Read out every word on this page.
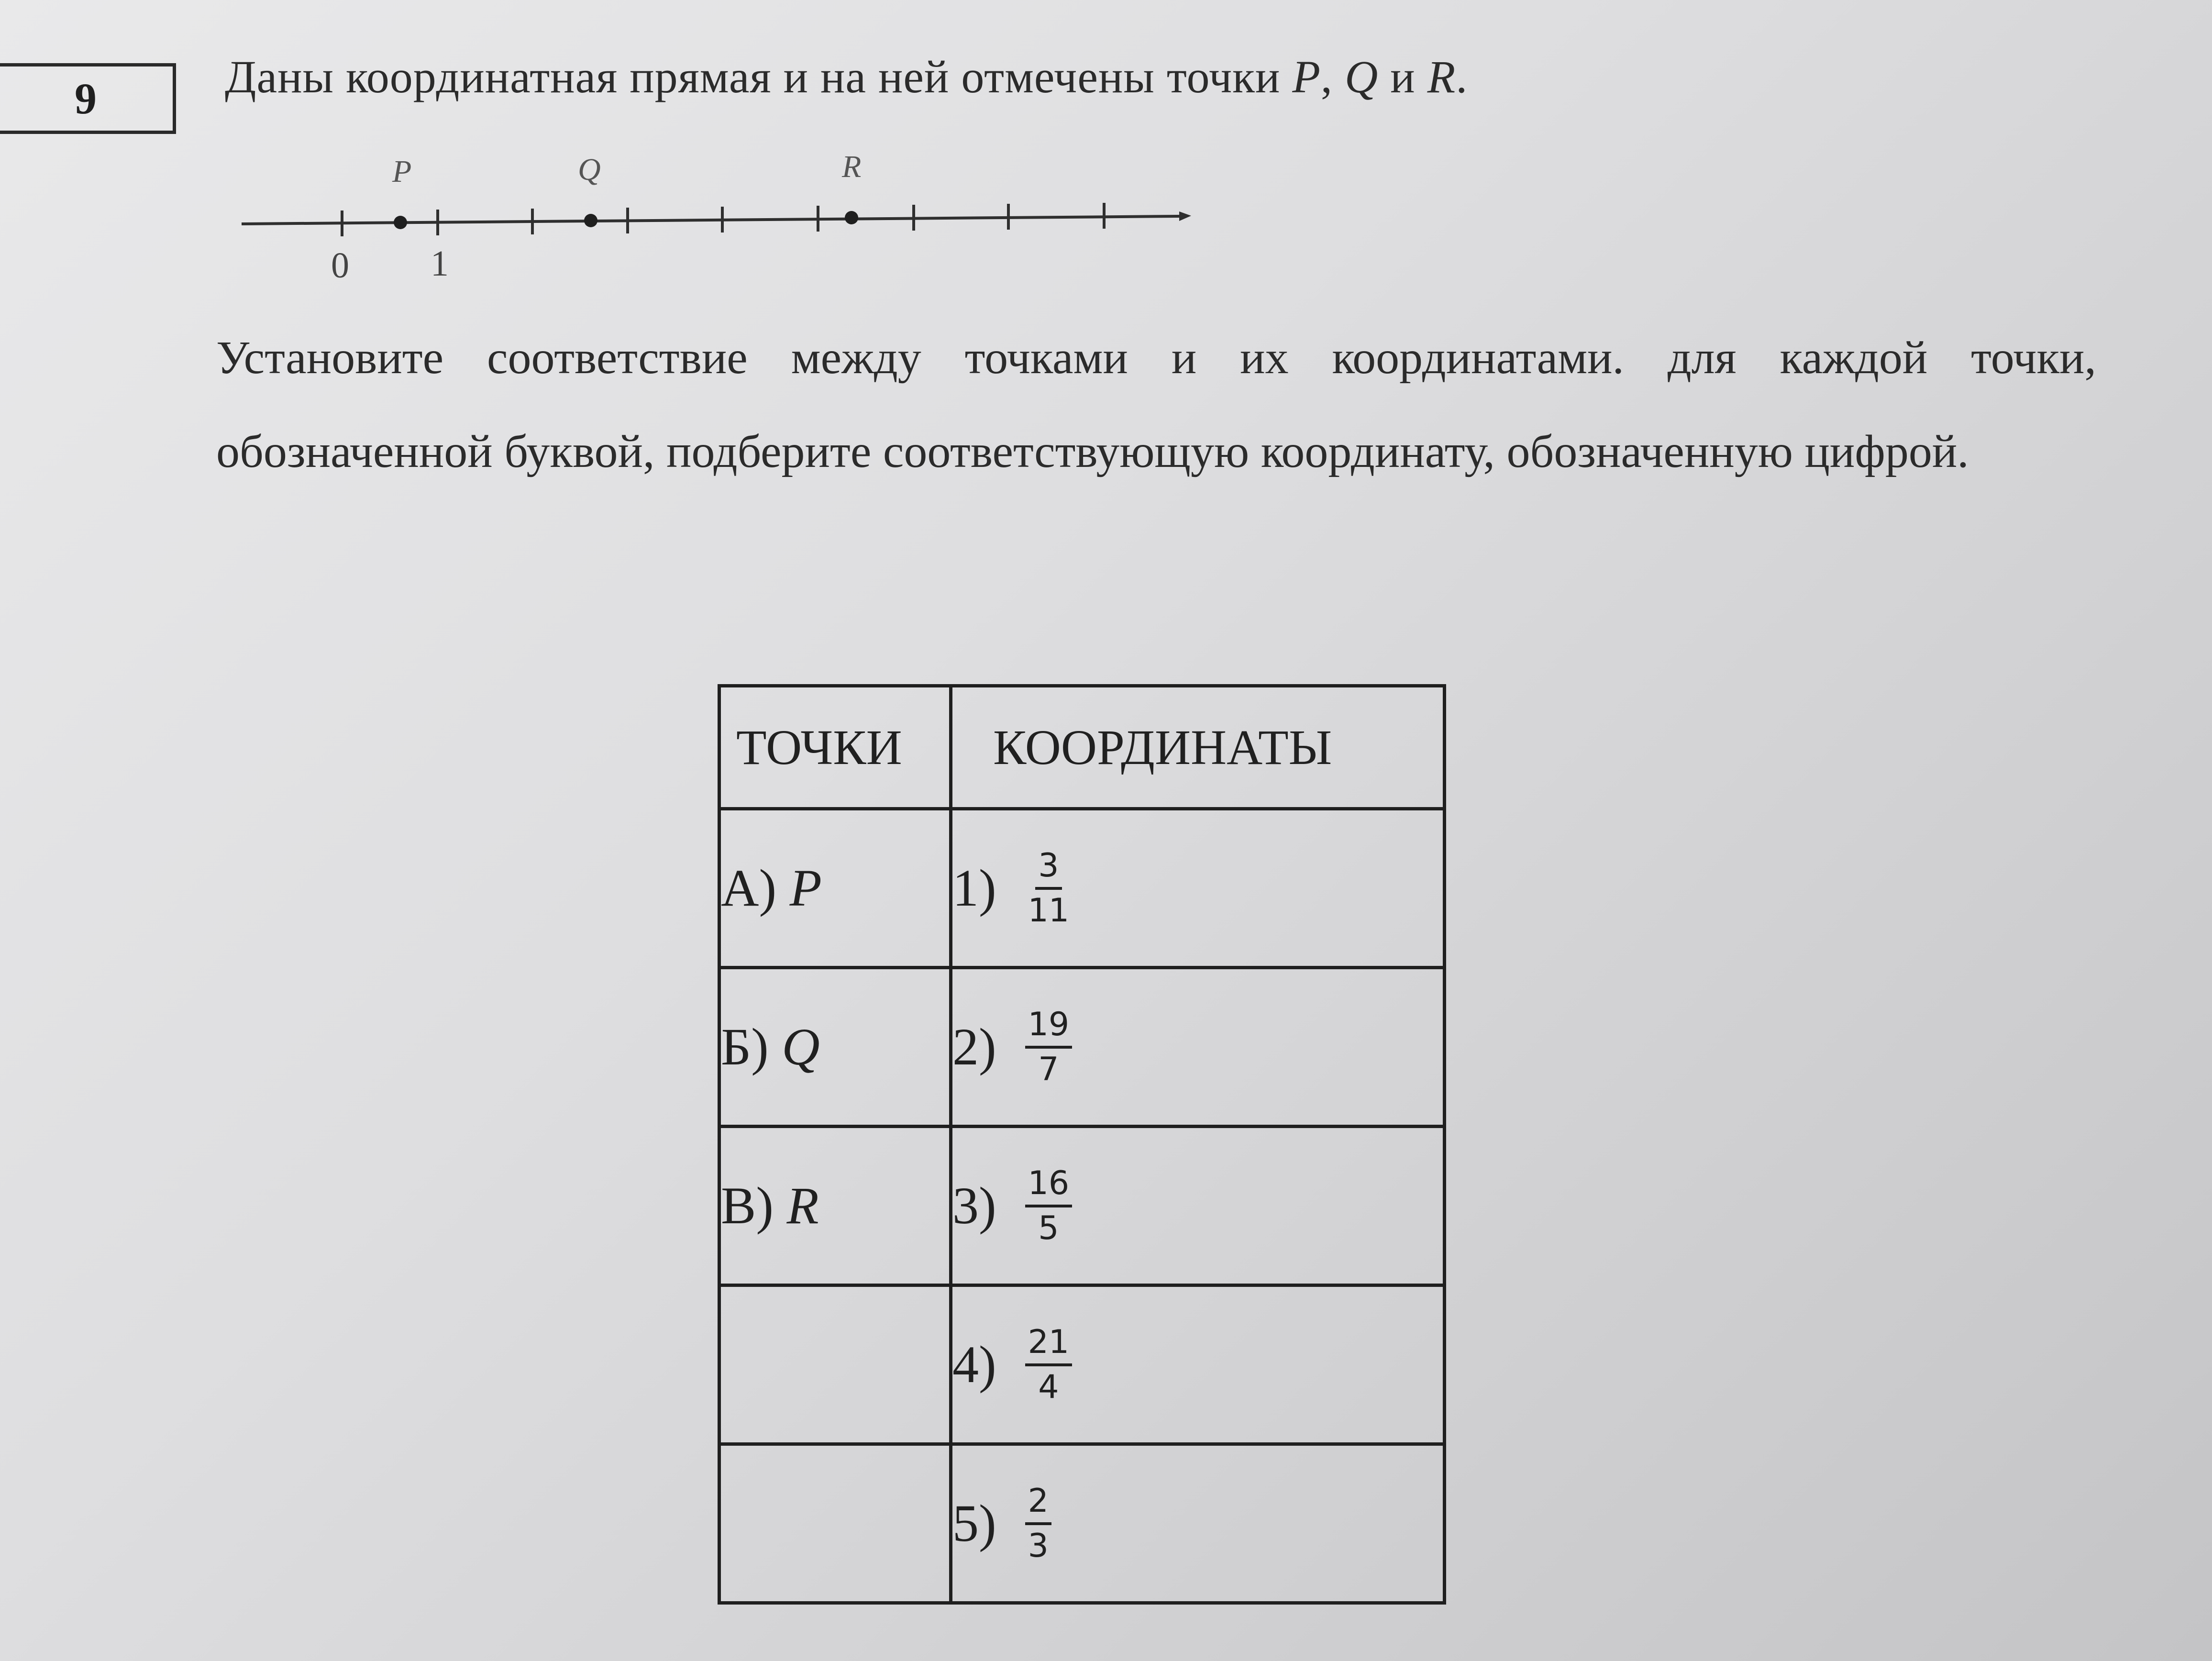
9	Даны координатная прямая и на ней отмечены точки P, Q и R.
P	Q	R
0 1
Установите соответствие между точками и их координатами. для каждой точки, обозначенной буквой, подберите соответствующую координату, обозначенную цифрой.
ТОЧКИ	КООРДИНАТЫ
А) P	$1) \frac{3}{11}$

Б) Q	$2) \frac{19}{7}$

В) R	$3) \frac{16}{5}$

	$4) \frac{21}{4}$

	$5) \frac{2}{3}$
